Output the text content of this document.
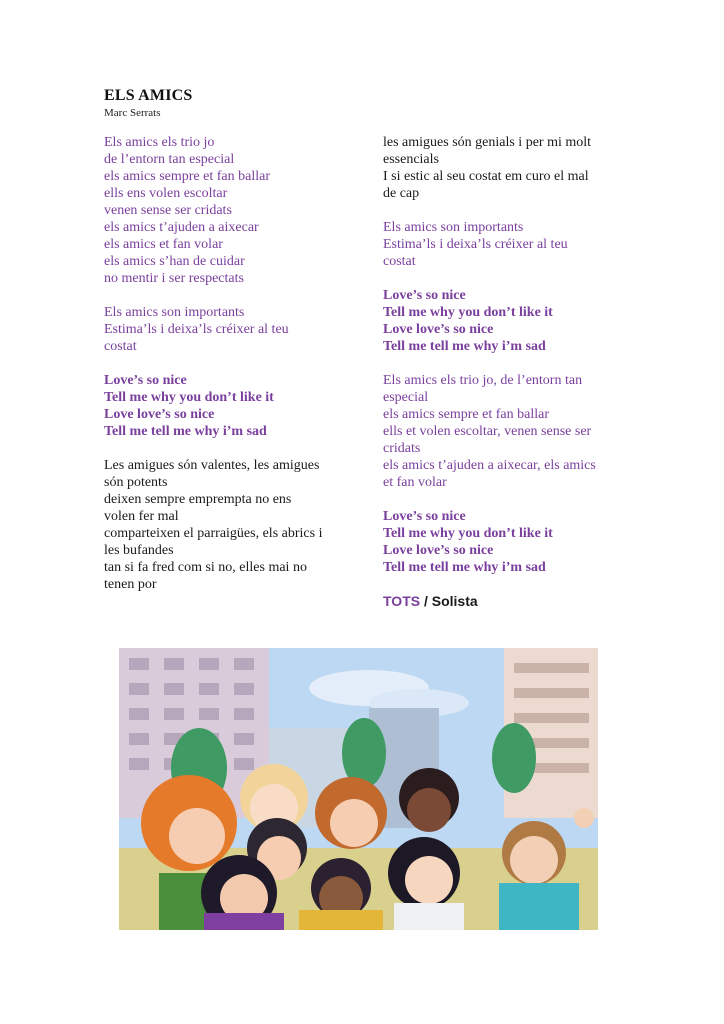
ELS AMICS
Marc Serrats
Els amics els trio jo
de l’entorn tan especial
els amics sempre et fan ballar
ells ens volen escoltar
venen sense ser cridats
els amics t’ajuden a aixecar
els amics et fan volar
els amics s’han de cuidar
no mentir i ser respectats
Els amics son importants
Estima’ls i deixa’ls créixer al teu
costat
Love’s so nice
Tell me why you don’t like it
Love love’s so nice
Tell me tell me why i’m sad
Les amigues són valentes, les amigues
són potents
deixen sempre emprempta no ens
volen fer mal
comparteixen el parraigües, els abrics i
les bufandes
tan si fa fred com si no, elles mai no
tenen por
les amigues són genials i per mi molt
essencials
I si estic al seu costat em curo el mal
de cap
Els amics son importants
Estima’ls i deixa’ls créixer al teu
costat
Love’s so nice
Tell me why you don’t like it
Love love’s so nice
Tell me tell me why i’m sad
Els amics els trio jo, de l’entorn tan
especial
els amics sempre et fan ballar
ells et volen escoltar, venen sense ser
cridats
els amics t’ajuden a aixecar, els amics
et fan volar
Love’s so nice
Tell me why you don’t like it
Love love’s so nice
Tell me tell me why i’m sad
TOTS / Solista
